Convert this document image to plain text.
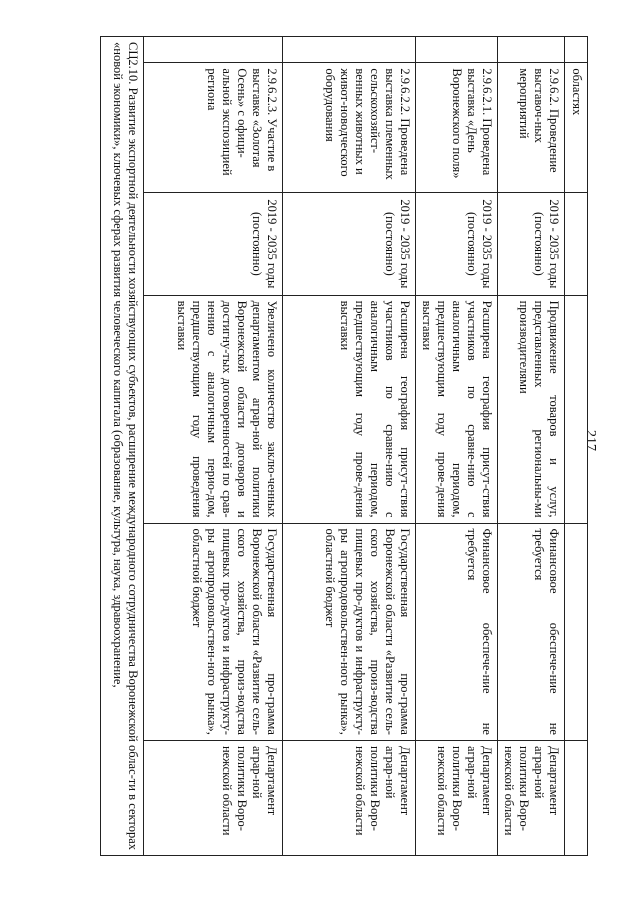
217
	областях				
	2.9.6.2. Проведение выставоч-ных мероприятий	2019 - 2035 годы (постоянно)	Продвижение товаров и услуг, представленных региональны-ми производителями	Финансовое обеспече-ние не требуется	Департамент аграр-ной политики Воро-нежской области
	2.9.6.2.1. Проведена выставка «День Воронежского поля»	2019 - 2035 годы (постоянно)	Расширена география присут-ствия участников по сравне-нию с аналогичным периодом, предшествующим году прове-дения выставки	Финансовое обеспече-ние не требуется	Департамент аграр-ной политики Воро-нежской области
	2.9.6.2.2. Проведена выставка племенных сельскохозяйст-венных животных и живот-новодческого оборудования	2019 - 2035 годы (постоянно)	Расширена география присут-ствия участников по сравне-нию с аналогичным периодом, предшествующим году прове-дения выставки	Государственная про-грамма Воронежской области «Развитие сель-ского хозяйства, произ-водства пищевых про-дуктов и инфраструкту-ры агропродовольствен-ного рынка», областной бюджет	Департамент аграр-ной политики Воро-нежской области
	2.9.6.2.3. Участие в выставке «Золотая Осень» с офици-альной экспозицией региона	2019 - 2035 годы (постоянно)	Увеличено количество заклю-ченных департаментом аграр-ной политики Воронежской области договоров и достигну-тых договоренностей по срав-нению с аналогичным перио-дом, предшествующим году проведения выставки	Государственная про-грамма Воронежской области «Развитие сель-ского хозяйства, произ-водства пищевых про-дуктов и инфраструкту-ры агропродовольствен-ного рынка», областной бюджет	Департамент аграр-ной политики Воро-нежской области
СЦ2.10. Развитие экспортной деятельности хозяйствующих субъектов, расширение международного сотрудничества Воронежской облас-ти в секторах «новой экономики», ключевых сферах развития человеческого капитала (образование, культура, наука, здравоохранение,					
